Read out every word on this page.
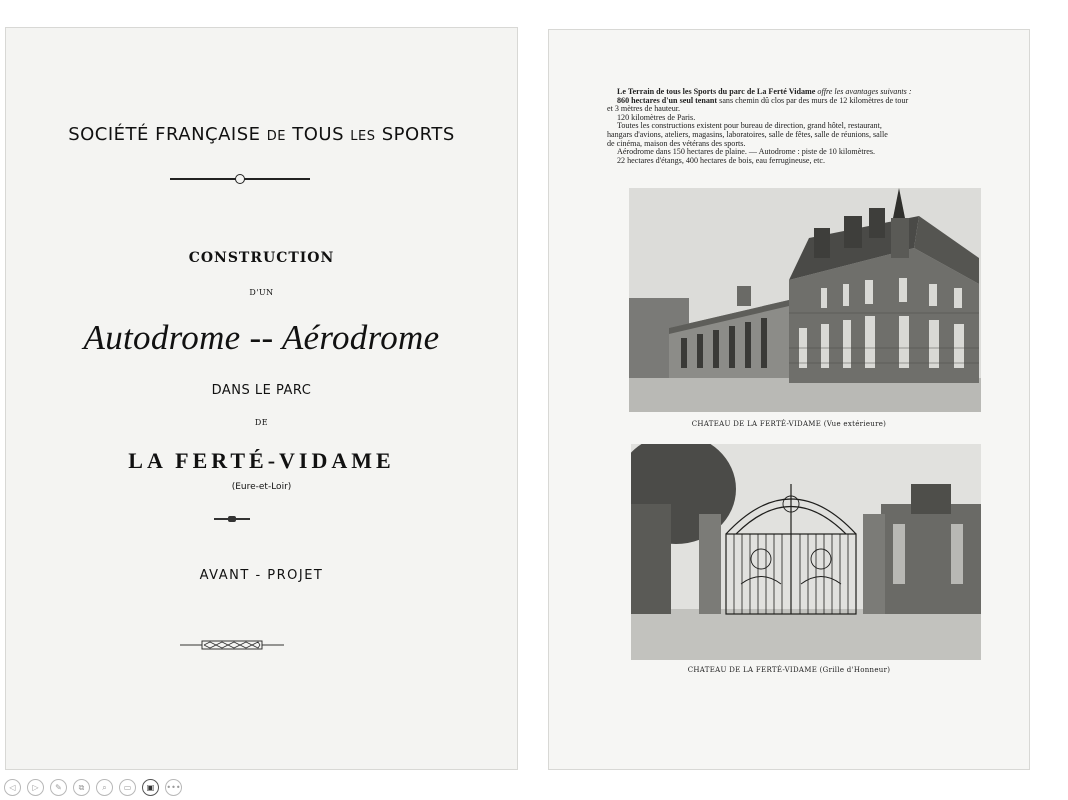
SOCIÉTÉ FRANÇAISE DE TOUS LES SPORTS
CONSTRUCTION
D'UN
Autodrome -- Aérodrome
DANS LE PARC
DE
LA FERTÉ-VIDAME
(Eure-et-Loir)
AVANT - PROJET

Le Terrain de tous les Sports du parc de La Ferté Vidame offre les avantages suivants :

860 hectares d'un seul tenant sans chemin dû clos par des murs de 12 kilomètres de tour

et 3 mètres de hauteur.

120 kilomètres de Paris.

Toutes les constructions existent pour bureau de direction, grand hôtel, restaurant,

hangars d'avions, ateliers, magasins, laboratoires, salle de fêtes, salle de réunions, salle

de cinéma, maison des vétérans des sports.

Aérodrome dans 150 hectares de plaine. — Autodrome : piste de 10 kilomètres.

22 hectares d'étangs, 400 hectares de bois, eau ferrugineuse, etc.

CHATEAU DE LA FERTÉ-VIDAME (Vue extérieure)
CHATEAU DE LA FERTÉ-VIDAME (Grille d'Honneur)
◁	▷	✎	⧉	⌕	▭	▣	•••
